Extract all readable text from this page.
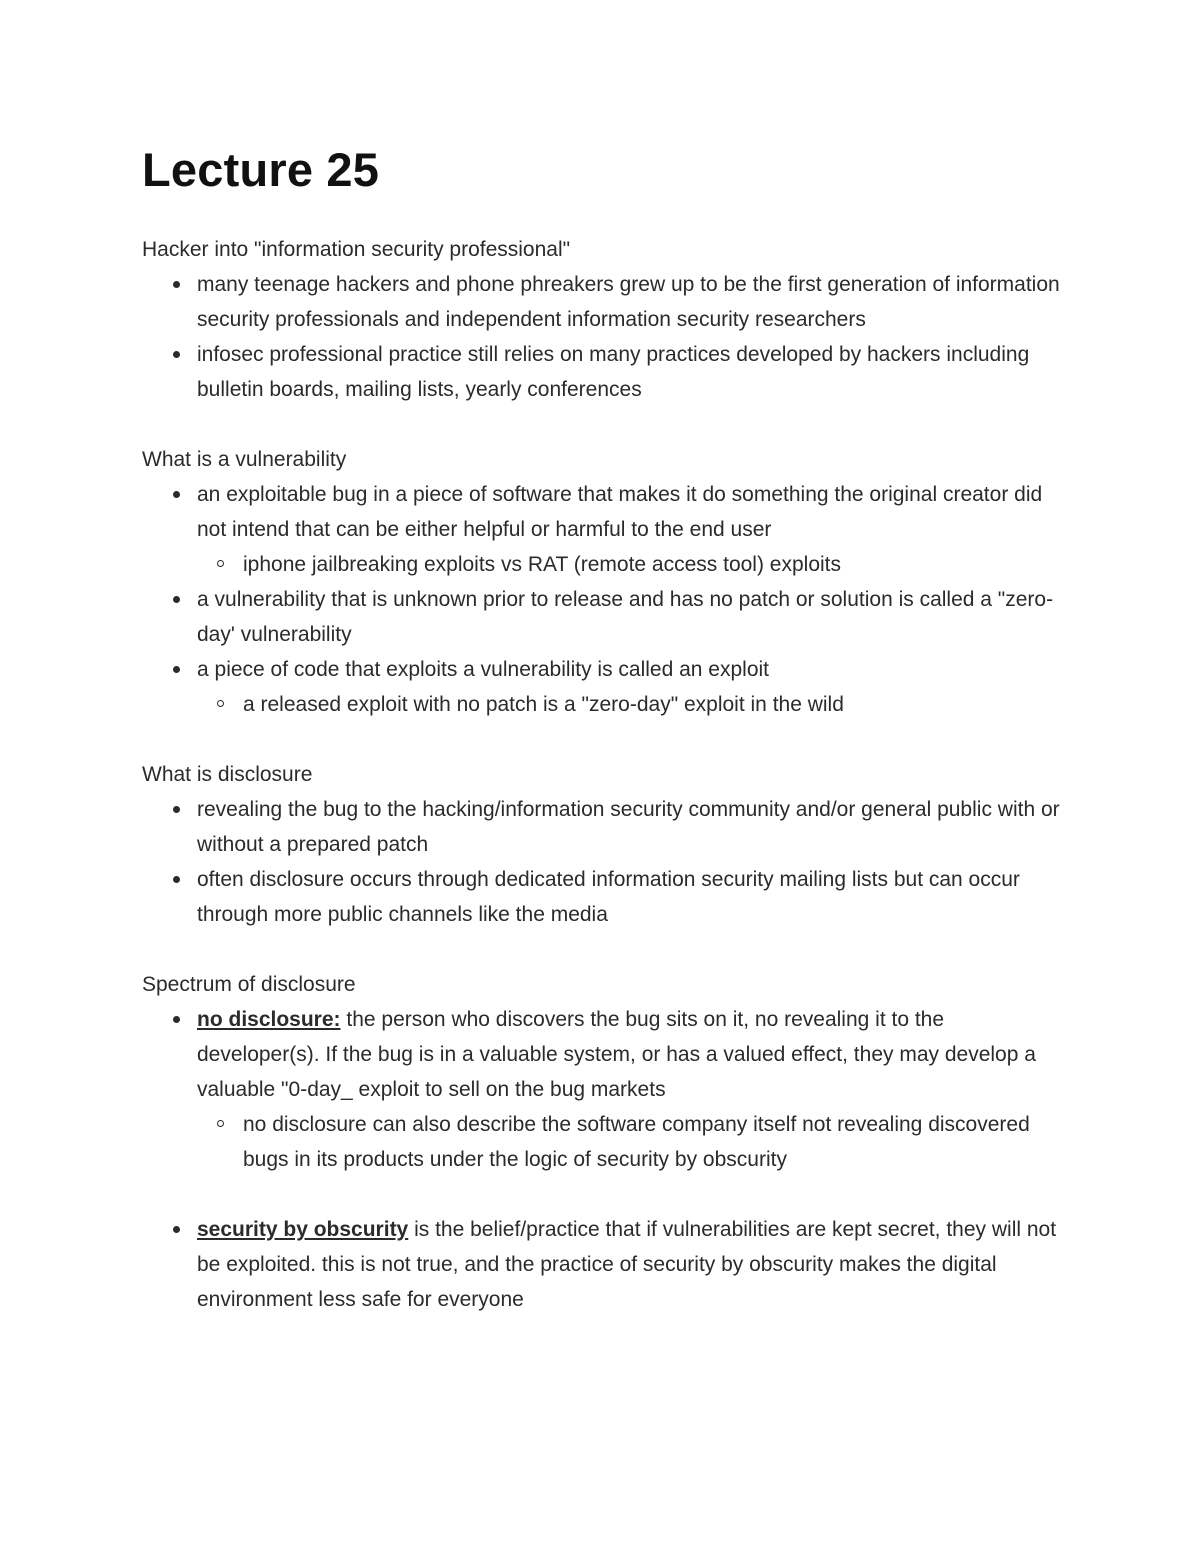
Lecture 25

Hacker into "information security professional"

many teenage hackers and phone phreakers grew up to be the first generation of information security professionals and independent information security researchers
infosec professional practice still relies on many practices developed by hackers including bulletin boards, mailing lists, yearly conferences

What is a vulnerability

an exploitable bug in a piece of software that makes it do something the original creator did not intend that can be either helpful or harmful to the end user
iphone jailbreaking exploits vs RAT (remote access tool) exploits
a vulnerability that is unknown prior to release and has no patch or solution is called a "zero-day' vulnerability
a piece of code that exploits a vulnerability is called an exploit
a released exploit with no patch is a "zero-day" exploit in the wild

What is disclosure

revealing the bug to the hacking/information security community and/or general public with or without a prepared patch
often disclosure occurs through dedicated information security mailing lists but can occur through more public channels like the media

Spectrum of disclosure

no disclosure: the person who discovers the bug sits on it, no revealing it to the developer(s). If the bug is in a valuable system, or has a valued effect, they may develop a valuable "0-day_ exploit to sell on the bug markets
no disclosure can also describe the software company itself not revealing discovered bugs in its products under the logic of security by obscurity
security by obscurity is the belief/practice that if vulnerabilities are kept secret, they will not be exploited. this is not true, and the practice of security by obscurity makes the digital environment less safe for everyone
